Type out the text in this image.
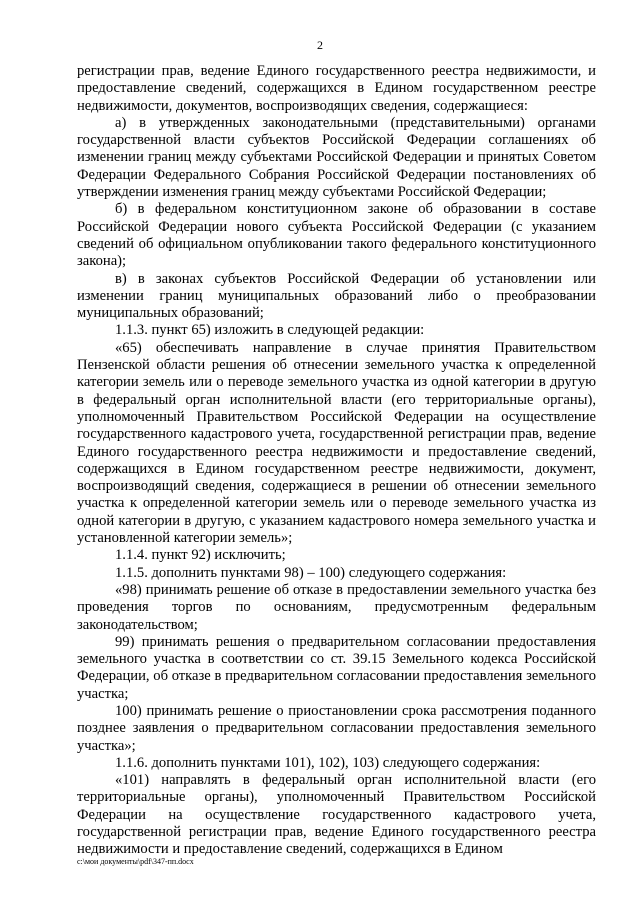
2

регистрации прав, ведение Единого государственного реестра недвижимости, и предоставление сведений, содержащихся в Едином государственном реестре недвижимости, документов, воспроизводящих сведения, содержащиеся:

а) в утвержденных законодательными (представительными) органами государственной власти субъектов Российской Федерации соглашениях об изменении границ между субъектами Российской Федерации и принятых Советом Федерации Федерального Собрания Российской Федерации постановлениях об утверждении изменения границ между субъектами Российской Федерации;

б) в федеральном конституционном законе об образовании в составе Российской Федерации нового субъекта Российской Федерации (с указанием сведений об официальном опубликовании такого федерального конституционного закона);

в) в законах субъектов Российской Федерации об установлении или изменении границ муниципальных образований либо о преобразовании муниципальных образований;

1.1.3. пункт 65) изложить в следующей редакции:

«65) обеспечивать направление в случае принятия Правительством Пензенской области решения об отнесении земельного участка к определенной категории земель или о переводе земельного участка из одной категории в другую в федеральный орган исполнительной власти (его территориальные органы), уполномоченный Правительством Российской Федерации на осуществление государственного кадастрового учета, государственной регистрации прав, ведение Единого государственного реестра недвижимости и предоставление сведений, содержащихся в Едином государственном реестре недвижимости, документ, воспроизводящий сведения, содержащиеся в решении об отнесении земельного участка к определенной категории земель или о переводе земельного участка из одной категории в другую, с указанием кадастрового номера земельного участка и установленной категории земель»;

1.1.4. пункт 92) исключить;

1.1.5. дополнить пунктами 98) – 100) следующего содержания:

«98) принимать решение об отказе в предоставлении земельного участка без проведения торгов по основаниям, предусмотренным федеральным законодательством;

99) принимать решения о предварительном согласовании предоставления земельного участка в соответствии со ст. 39.15 Земельного кодекса Российской Федерации, об отказе в предварительном согласовании предоставления земельного участка;

100) принимать решение о приостановлении срока рассмотрения поданного позднее заявления о предварительном согласовании предоставления земельного участка»;

1.1.6. дополнить пунктами 101), 102), 103) следующего содержания:

«101) направлять в федеральный орган исполнительной власти (его территориальные органы), уполномоченный Правительством Российской Федерации на осуществление государственного кадастрового учета, государственной регистрации прав, ведение Единого государственного реестра недвижимости и предоставление сведений, содержащихся в Едином

c:\мои документы\pdf\347-пп.docx
